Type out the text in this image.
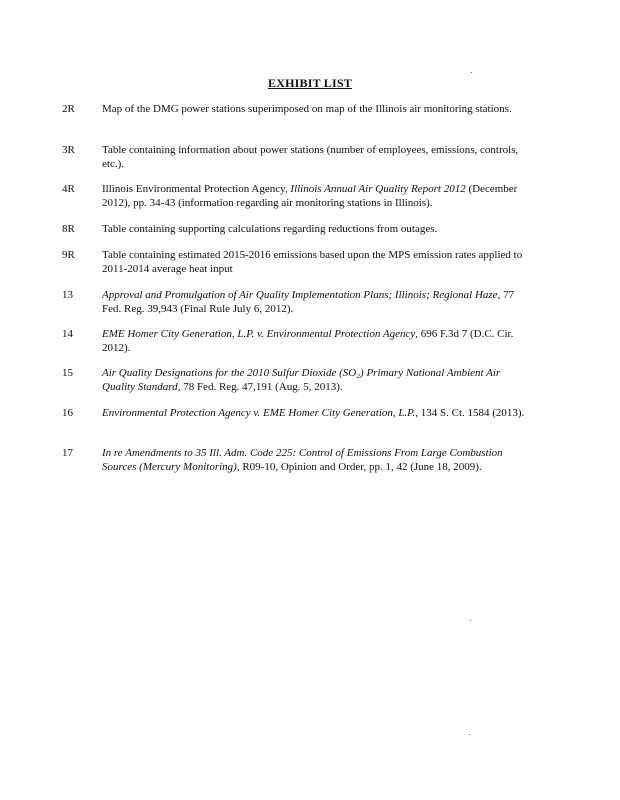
EXHIBIT LIST
2R	Map of the DMG power stations superimposed on map of the Illinois air monitoring stations.
3R	Table containing information about power stations (number of employees, emissions, controls, etc.).
4R	Illinois Environmental Protection Agency, Illinois Annual Air Quality Report 2012 (December 2012), pp. 34-43 (information regarding air monitoring stations in Illinois).
8R	Table containing supporting calculations regarding reductions from outages.
9R	Table containing estimated 2015-2016 emissions based upon the MPS emission rates applied to 2011-2014 average heat input
13	Approval and Promulgation of Air Quality Implementation Plans; Illinois; Regional Haze, 77 Fed. Reg. 39,943 (Final Rule July 6, 2012).
14	EME Homer City Generation, L.P. v. Environmental Protection Agency, 696 F.3d 7 (D.C. Cir. 2012).
15	Air Quality Designations for the 2010 Sulfur Dioxide (SO₂) Primary National Ambient Air Quality Standard, 78 Fed. Reg. 47,191 (Aug. 5, 2013).
16	Environmental Protection Agency v. EME Homer City Generation, L.P., 134 S. Ct. 1584 (2013).
17	In re Amendments to 35 Ill. Adm. Code 225: Control of Emissions From Large Combustion Sources (Mercury Monitoring), R09-10, Opinion and Order, pp. 1, 42 (June 18, 2009).
